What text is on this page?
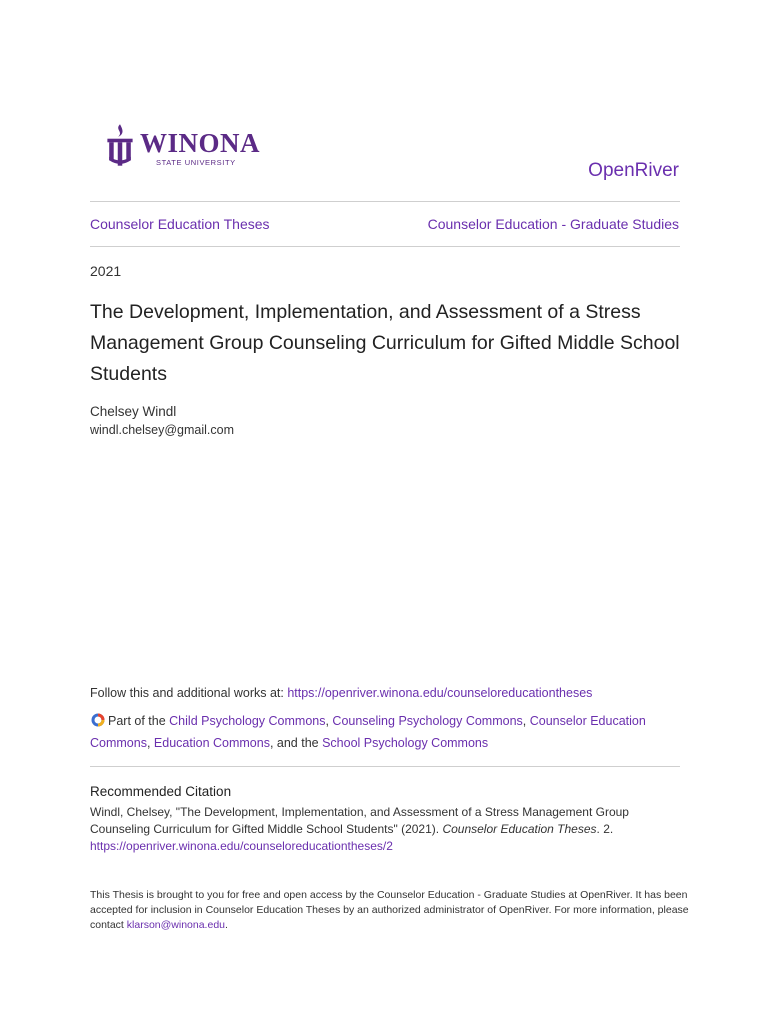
WINONA
STATE UNIVERSITY	OpenRiver
Counselor Education Theses	Counselor Education - Graduate Studies
2021
The Development, Implementation, and Assessment of a Stress Management Group Counseling Curriculum for Gifted Middle School Students
Chelsey Windl
windl.chelsey@gmail.com
Follow this and additional works at: https://openriver.winona.edu/counseloreducationtheses
Part of the Child Psychology Commons, Counseling Psychology Commons, Counselor Education Commons, Education Commons, and the School Psychology Commons
Recommended Citation
Windl, Chelsey, "The Development, Implementation, and Assessment of a Stress Management Group Counseling Curriculum for Gifted Middle School Students" (2021). Counselor Education Theses. 2.
https://openriver.winona.edu/counseloreducationtheses/2
This Thesis is brought to you for free and open access by the Counselor Education - Graduate Studies at OpenRiver. It has been accepted for inclusion in Counselor Education Theses by an authorized administrator of OpenRiver. For more information, please contact klarson@winona.edu.
